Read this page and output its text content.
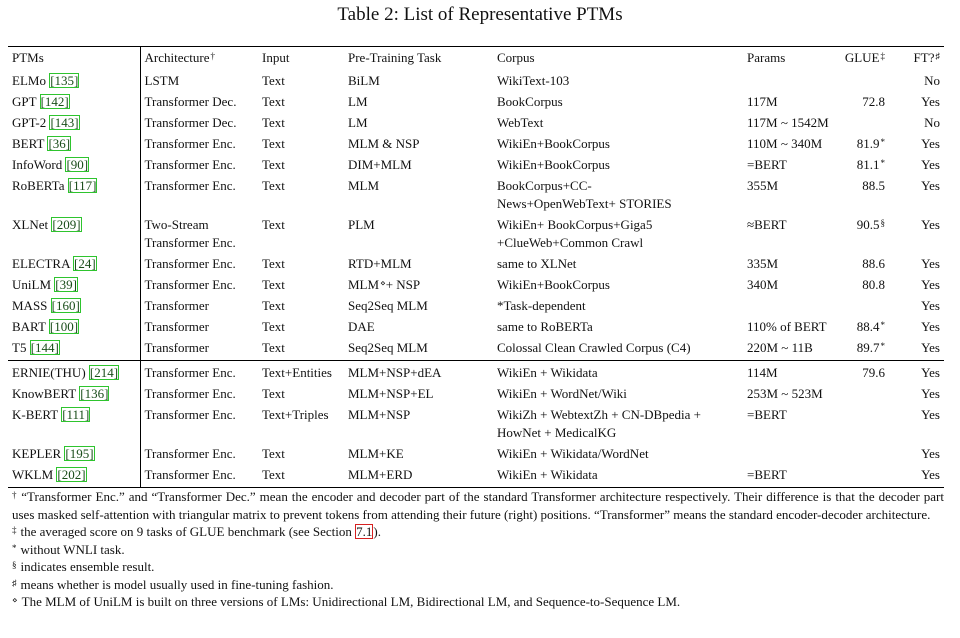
Table 2: List of Representative PTMs
PTMs	Architecture†	Input	Pre-Training Task	Corpus	Params	GLUE‡	FT?♯
ELMo [135]	LSTM	Text	BiLM	WikiText-103			No
GPT [142]	Transformer Dec.	Text	LM	BookCorpus	117M	72.8	Yes
GPT-2 [143]	Transformer Dec.	Text	LM	WebText	117M ~ 1542M		No
BERT [36]	Transformer Enc.	Text	MLM & NSP	WikiEn+BookCorpus	110M ~ 340M	81.9*	Yes
InfoWord [90]	Transformer Enc.	Text	DIM+MLM	WikiEn+BookCorpus	=BERT	81.1*	Yes
RoBERTa [117]	Transformer Enc.	Text	MLM	BookCorpus+CC-
News+OpenWebText+ STORIES	355M	88.5	Yes
XLNet [209]	Two-Stream
Transformer Enc.	Text	PLM	WikiEn+ BookCorpus+Giga5
+ClueWeb+Common Crawl	≈BERT	90.5§	Yes
ELECTRA [24]	Transformer Enc.	Text	RTD+MLM	same to XLNet	335M	88.6	Yes
UniLM [39]	Transformer Enc.	Text	MLM⋄+ NSP	WikiEn+BookCorpus	340M	80.8	Yes
MASS [160]	Transformer	Text	Seq2Seq MLM	*Task-dependent			Yes
BART [100]	Transformer	Text	DAE	same to RoBERTa	110% of BERT	88.4*	Yes
T5 [144]	Transformer	Text	Seq2Seq MLM	Colossal Clean Crawled Corpus (C4)	220M ~ 11B	89.7*	Yes
ERNIE(THU) [214]	Transformer Enc.	Text+Entities	MLM+NSP+dEA	WikiEn + Wikidata	114M	79.6	Yes
KnowBERT [136]	Transformer Enc.	Text	MLM+NSP+EL	WikiEn + WordNet/Wiki	253M ~ 523M		Yes
K-BERT [111]	Transformer Enc.	Text+Triples	MLM+NSP	WikiZh + WebtextZh + CN-DBpedia +
HowNet + MedicalKG	=BERT		Yes
KEPLER [195]	Transformer Enc.	Text	MLM+KE	WikiEn + Wikidata/WordNet			Yes
WKLM [202]	Transformer Enc.	Text	MLM+ERD	WikiEn + Wikidata	=BERT		Yes
† “Transformer Enc.” and “Transformer Dec.” mean the encoder and decoder part of the standard Transformer architecture respectively. Their difference is that the decoder part uses masked self-attention with triangular matrix to prevent tokens from attending their future (right) positions. “Transformer” means the standard encoder-decoder architecture.
‡ the averaged score on 9 tasks of GLUE benchmark (see Section 7.1).
* without WNLI task.
§ indicates ensemble result.
♯ means whether is model usually used in fine-tuning fashion.
⋄ The MLM of UniLM is built on three versions of LMs: Unidirectional LM, Bidirectional LM, and Sequence-to-Sequence LM.
